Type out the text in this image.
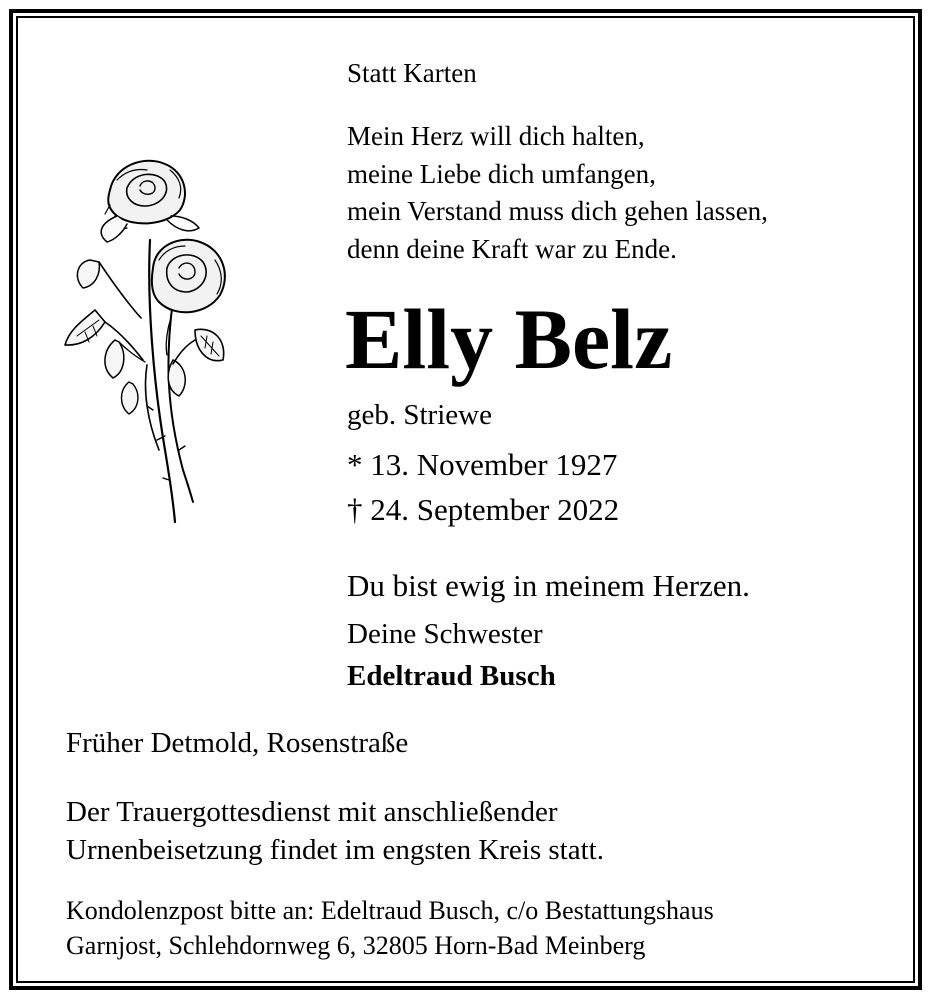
Statt Karten
Mein Herz will dich halten,
meine Liebe dich umfangen,
mein Verstand muss dich gehen lassen,
denn deine Kraft war zu Ende.
Elly Belz
geb. Striewe
* 13. November 1927
† 24. September 2022
Du bist ewig in meinem Herzen.
Deine Schwester
Edeltraud Busch
Früher Detmold, Rosenstraße
Der Trauergottesdienst mit anschließender
Urnenbeisetzung findet im engsten Kreis statt.
Kondolenzpost bitte an: Edeltraud Busch, c/o Bestattungshaus
Garnjost, Schlehdornweg 6, 32805 Horn-Bad Meinberg
